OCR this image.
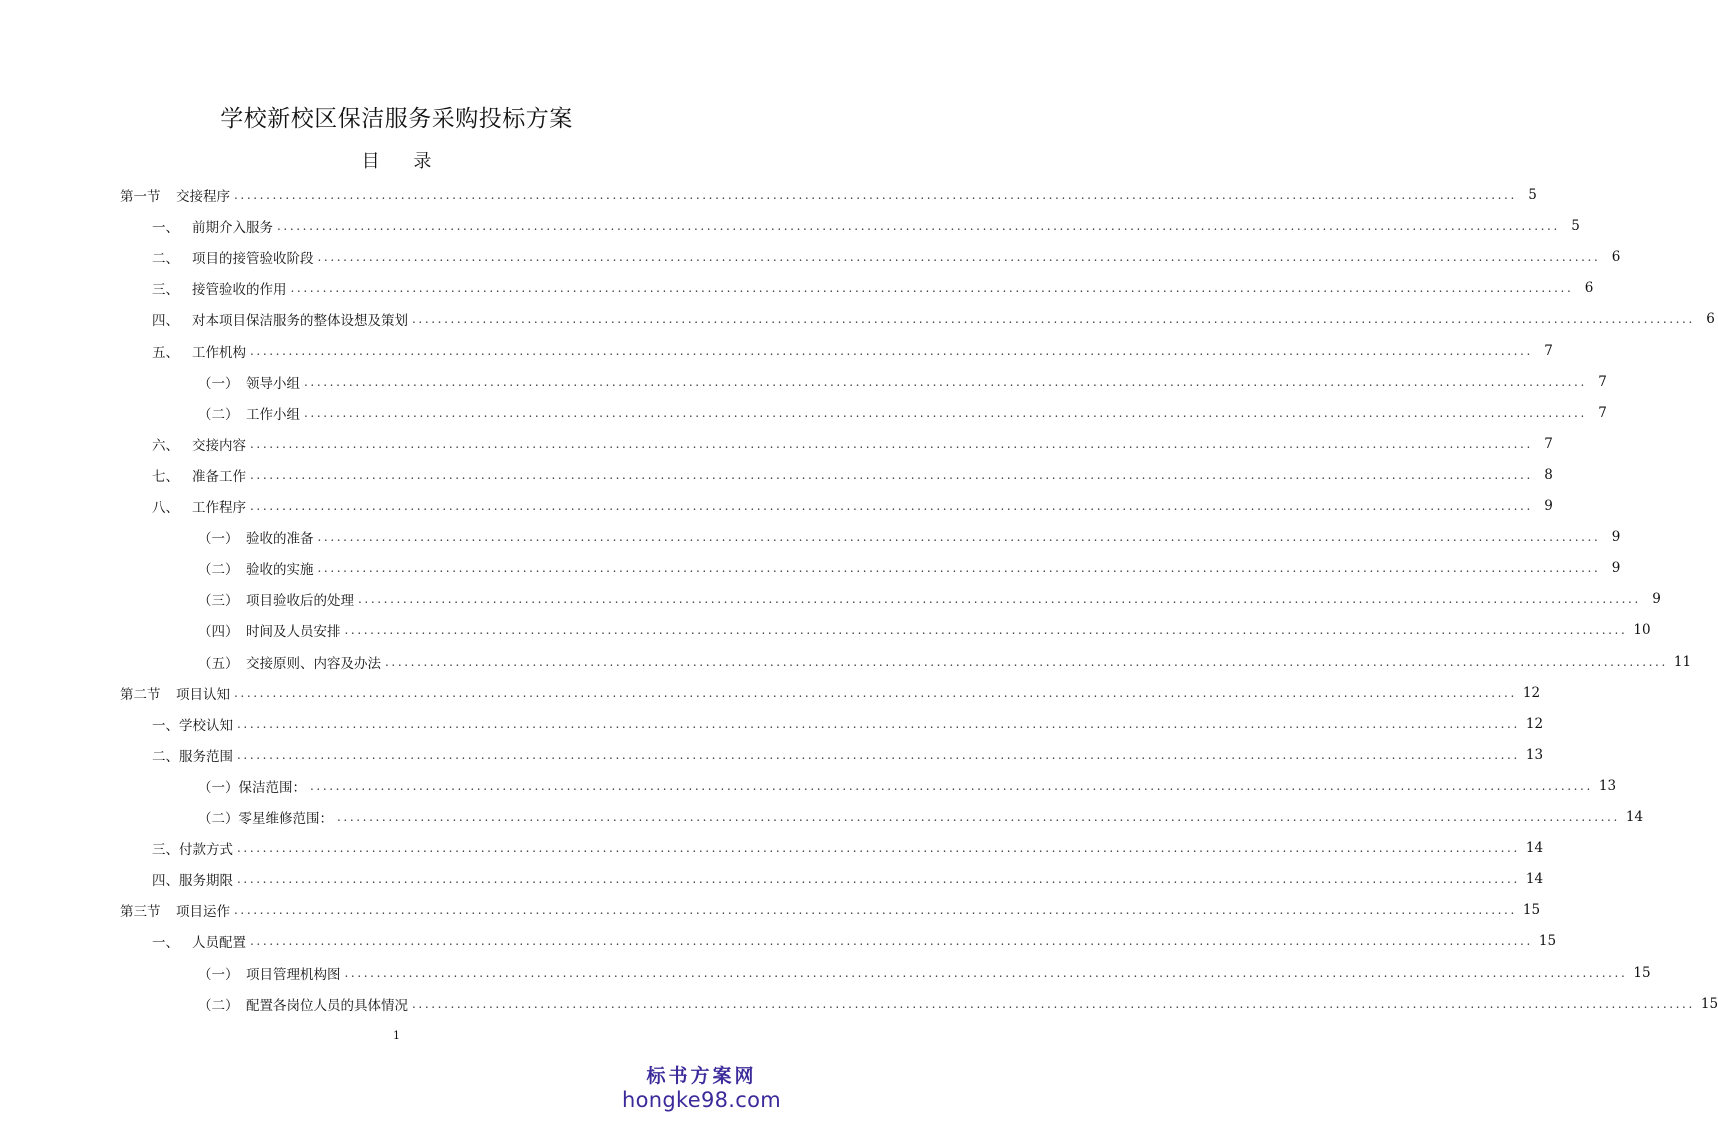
学校新校区保洁服务采购投标方案
目 录
第一节	交接程序 ........................................................................................................................................................................................................ 5
一、 前期介入服务 ........................................................................................................................................................................................................ 5
二、 项目的接管验收阶段 ........................................................................................................................................................................................................ 6
三、 接管验收的作用 ........................................................................................................................................................................................................ 6
四、 对本项目保洁服务的整体设想及策划 ........................................................................................................................................................................................................ 6
五、 工作机构 ........................................................................................................................................................................................................ 7
（一） 领导小组 ........................................................................................................................................................................................................ 7
（二） 工作小组 ........................................................................................................................................................................................................ 7
六、 交接内容 ........................................................................................................................................................................................................ 7
七、 准备工作 ........................................................................................................................................................................................................ 8
八、 工作程序 ........................................................................................................................................................................................................ 9
（一） 验收的准备 ........................................................................................................................................................................................................ 9
（二） 验收的实施 ........................................................................................................................................................................................................ 9
（三） 项目验收后的处理 ........................................................................................................................................................................................................ 9
（四） 时间及人员安排 ........................................................................................................................................................................................................ 10
（五） 交接原则、内容及办法 ........................................................................................................................................................................................................ 11
第二节	项目认知 ........................................................................................................................................................................................................ 12
一、 学校认知 ........................................................................................................................................................................................................ 12
二、 服务范围 ........................................................................................................................................................................................................ 13
（一） 保洁范围： ........................................................................................................................................................................................................ 13
（二） 零星维修范围： ........................................................................................................................................................................................................ 14
三、 付款方式 ........................................................................................................................................................................................................ 14
四、 服务期限 ........................................................................................................................................................................................................ 14
第三节	项目运作 ........................................................................................................................................................................................................ 15
一、 人员配置 ........................................................................................................................................................................................................ 15
（一） 项目管理机构图 ........................................................................................................................................................................................................ 15
（二） 配置各岗位人员的具体情况 ........................................................................................................................................................................................................ 15
1
标书方案网
hongke98.com
